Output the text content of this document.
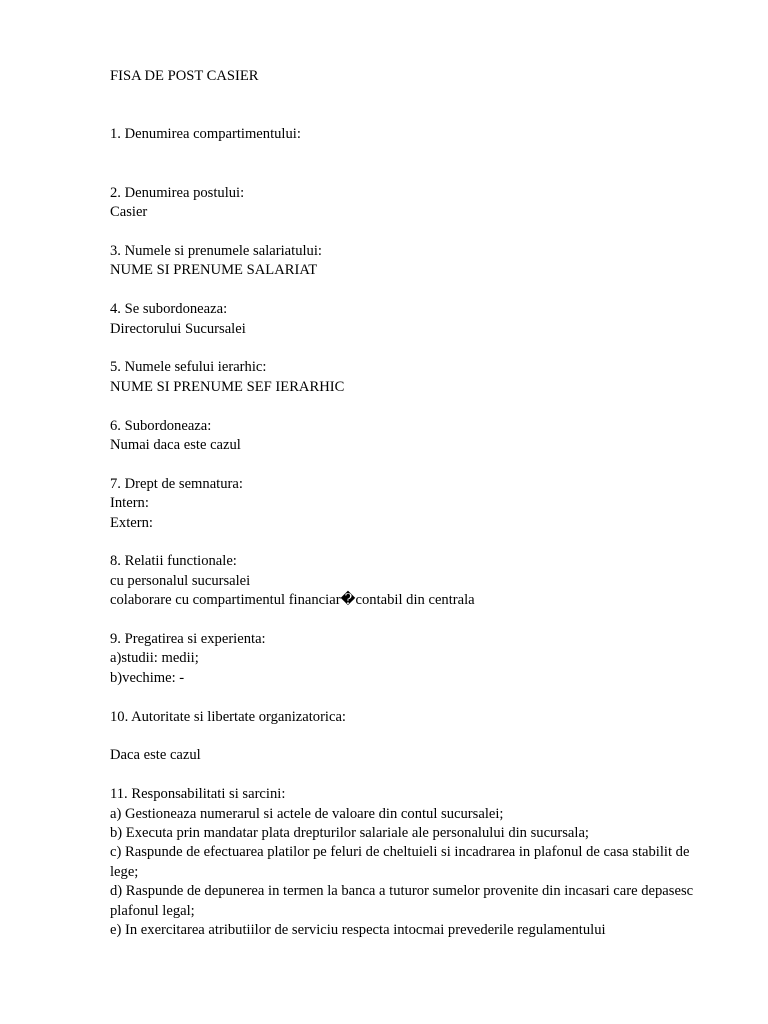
FISA DE POST CASIER
1. Denumirea compartimentului:
2. Denumirea postului:
Casier
3. Numele si prenumele salariatului:
NUME SI PRENUME SALARIAT
4. Se subordoneaza:
Directorului Sucursalei
5. Numele sefului ierarhic:
NUME SI PRENUME SEF IERARHIC
6. Subordoneaza:
Numai daca este cazul
7. Drept de semnatura:
Intern:
Extern:
8. Relatii functionale:
cu personalul sucursalei
colaborare cu compartimentul financiar�contabil din centrala
9. Pregatirea si experienta:
a)studii: medii;
b)vechime: -
10. Autoritate si libertate organizatorica:
Daca este cazul
11. Responsabilitati si sarcini:
a) Gestioneaza numerarul si actele de valoare din contul sucursalei;
b) Executa prin mandatar plata drepturilor salariale ale personalului din sucursala;
c) Raspunde de efectuarea platilor pe feluri de cheltuieli si incadrarea in plafonul de casa stabilit de lege;
d) Raspunde de depunerea in termen la banca a tuturor sumelor provenite din incasari care depasesc plafonul legal;
e) In exercitarea atributiilor de serviciu respecta intocmai prevederile regulamentului
